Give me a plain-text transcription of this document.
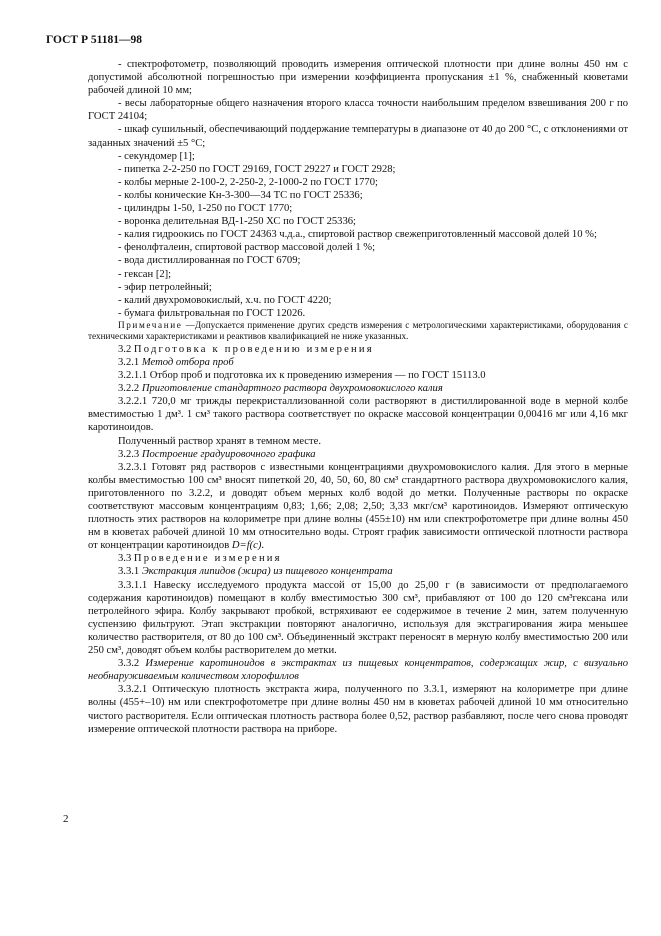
ГОСТ Р 51181—98

- спектрофотометр, позволяющий проводить измерения оптической плотности при длине волны 450 нм с допустимой абсолютной погрешностью при измерении коэффициента пропускания ±1 %, снабженный кюветами рабочей длиной 10 мм;

- весы лабораторные общего назначения второго класса точности наибольшим пределом взвешивания 200 г по ГОСТ 24104;

- шкаф сушильный, обеспечивающий поддержание температуры в диапазоне от 40 до 200 °С, с отклонениями от заданных значений ±5 °С;

- секундомер [1];

- пипетка 2-2-250 по ГОСТ 29169, ГОСТ 29227 и ГОСТ 2928;

- колбы мерные 2-100-2, 2-250-2, 2-1000-2 по ГОСТ 1770;

- колбы конические Кн-3-300—34 ТС по ГОСТ 25336;

- цилиндры 1-50, 1-250 по ГОСТ 1770;

- воронка делительная ВД-1-250 ХС по ГОСТ 25336;

- калия гидроокись по ГОСТ 24363 ч.д.а., спиртовой раствор свежеприготовленный массовой долей 10 %;

- фенолфталеин, спиртовой раствор массовой долей 1 %;

- вода дистиллированная по ГОСТ 6709;

- гексан [2];

- эфир петролейный;

- калий двухромовокислый, х.ч. по ГОСТ 4220;

- бумага фильтровальная по ГОСТ 12026.

Примечание —Допускается применение других средств измерения с метрологическими характеристиками, оборудования с техническими характеристиками и реактивов квалификацией не ниже указанных.

3.2 Подготовка к проведению измерения

3.2.1 Метод отбора проб

3.2.1.1 Отбор проб и подготовка их к проведению измерения — по ГОСТ 15113.0

3.2.2 Приготовление стандартного раствора двухромовокислого калия

3.2.2.1 720,0 мг трижды перекристаллизованной соли растворяют в дистиллированной воде в мерной колбе вместимостью 1 дм³. 1 см³ такого раствора соответствует по окраске массовой концентрации 0,00416 мг или 4,16 мкг каротиноидов.

Полученный раствор хранят в темном месте.

3.2.3 Построение градуировочного графика

3.2.3.1 Готовят ряд растворов с известными концентрациями двухромовокислого калия. Для этого в мерные колбы вместимостью 100 см³ вносят пипеткой 20, 40, 50, 60, 80 см³ стандартного раствора двухромовокислого калия, приготовленного по 3.2.2, и доводят объем мерных колб водой до метки. Полученные растворы по окраске соответствуют массовым концентрациям 0,83; 1,66; 2,08; 2,50; 3,33 мкг/см³ каротиноидов. Измеряют оптическую плотность этих растворов на колориметре при длине волны (455±10) нм или спектрофотометре при длине волны 450 нм в кюветах рабочей длиной 10 мм относительно воды. Строят график зависимости оптической плотности раствора от концентрации каротиноидов D=f(c).

3.3 Проведение измерения

3.3.1 Экстракция липидов (жира) из пищевого концентрата

3.3.1.1 Навеску исследуемого продукта массой от 15,00 до 25,00 г (в зависимости от предполагаемого содержания каротиноидов) помещают в колбу вместимостью 300 см³, прибавляют от 100 до 120 см³гексана или петролейного эфира. Колбу закрывают пробкой, встряхивают ее содержимое в течение 2 мин, затем полученную суспензию фильтруют. Этап экстракции повторяют аналогично, используя для экстрагирования жира меньшее количество растворителя, от 80 до 100 см³. Объединенный экстракт переносят в мерную колбу вместимостью 200 или 250 см³, доводят объем колбы растворителем до метки.

3.3.2 Измерение каротиноидов в экстрактах из пищевых концентратов, содержащих жир, с визуально необнаруживаемым количеством хлорофиллов

3.3.2.1 Оптическую плотность экстракта жира, полученного по 3.3.1, измеряют на колориметре при длине волны (455+–10) нм или спектрофотометре при длине волны 450 нм в кюветах рабочей длиной 10 мм относительно чистого растворителя. Если оптическая плотность раствора более 0,52, раствор разбавляют, после чего снова проводят измерение оптической плотности раствора на приборе.

2
